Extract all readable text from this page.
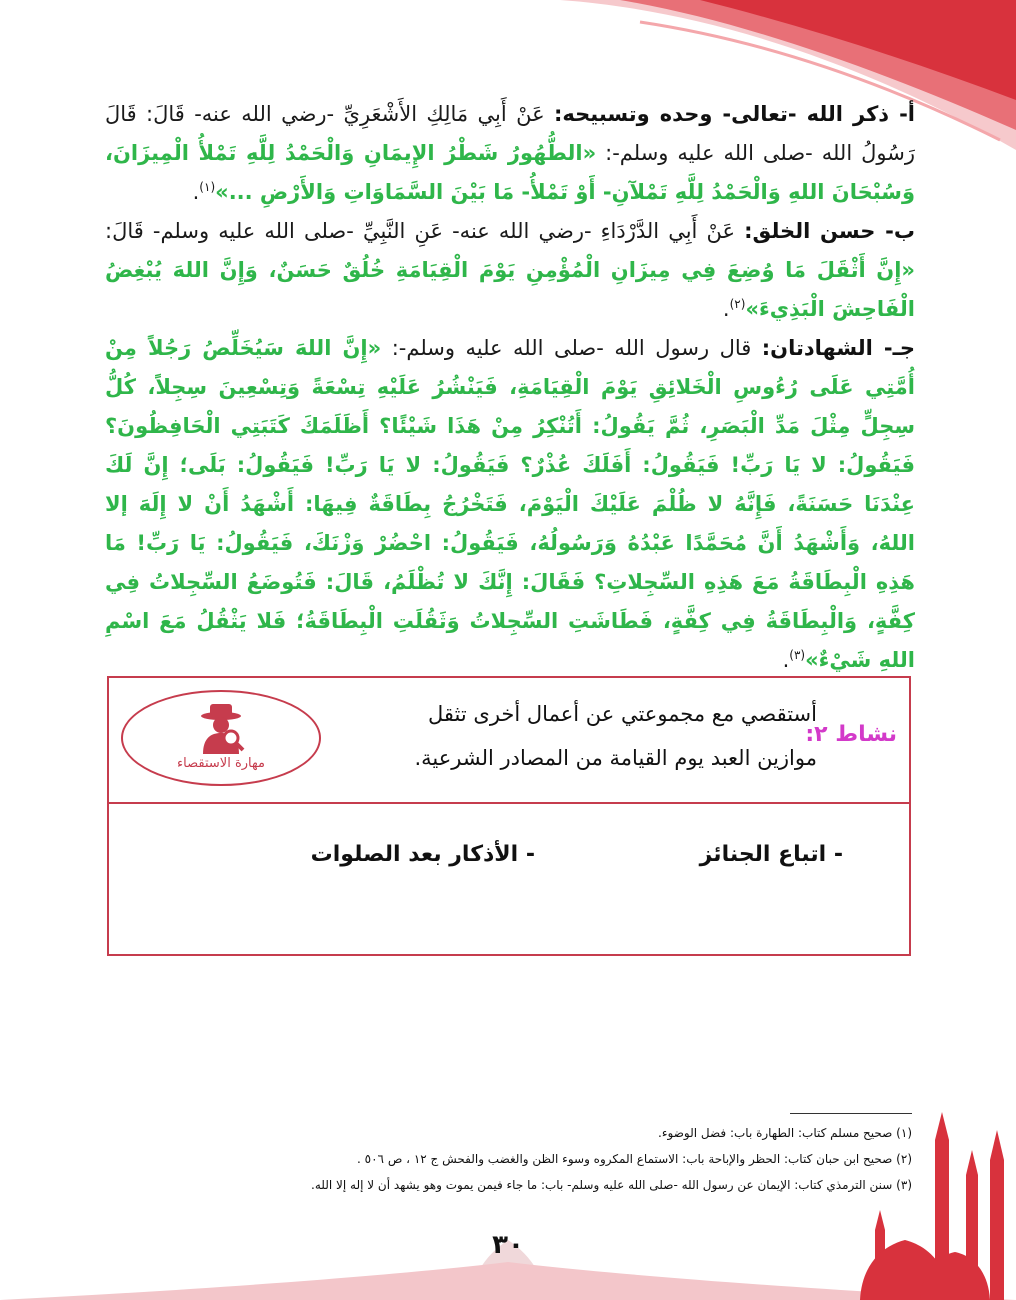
أ- ذكر الله -تعالى- وحده وتسبيحه: عَنْ أَبِي مَالِكِ الأَشْعَرِيِّ -رضي الله عنه- قَالَ: قَالَ رَسُولُ الله -صلى الله عليه وسلم-: «الطُّهُورُ شَطْرُ الإِيمَانِ وَالْحَمْدُ لِلَّهِ تَمْلأُ الْمِيزَانَ، وَسُبْحَانَ اللهِ وَالْحَمْدُ لِلَّهِ تَمْلآنِ- أَوْ تَمْلأُ- مَا بَيْنَ السَّمَاوَاتِ وَالأَرْضِ ...»$^{(١)}$.

ب- حسن الخلق: عَنْ أَبِي الدَّرْدَاءِ -رضي الله عنه- عَنِ النَّبِيِّ -صلى الله عليه وسلم- قَالَ: «إِنَّ أَثْقَلَ مَا وُضِعَ فِي مِيزَانِ الْمُؤْمِنِ يَوْمَ الْقِيَامَةِ خُلُقٌ حَسَنٌ، وَإِنَّ اللهَ يُبْغِضُ الْفَاحِشَ الْبَذِيءَ»$^{(٢)}$.

جـ- الشهادتان: قال رسول الله -صلى الله عليه وسلم-: «إِنَّ اللهَ سَيُخَلِّصُ رَجُلاً مِنْ أُمَّتِي عَلَى رُءُوسِ الْخَلائِقِ يَوْمَ الْقِيَامَةِ، فَيَنْشُرُ عَلَيْهِ تِسْعَةً وَتِسْعِينَ سِجِلاً، كُلُّ سِجِلٍّ مِثْلَ مَدِّ الْبَصَرِ، ثُمَّ يَقُولُ: أَتُنْكِرُ مِنْ هَذَا شَيْئًا؟ أَظَلَمَكَ كَتَبَتِي الْحَافِظُونَ؟ فَيَقُولُ: لا يَا رَبِّ! فَيَقُولُ: أَفَلَكَ عُذْرٌ؟ فَيَقُولُ: لا يَا رَبِّ! فَيَقُولُ: بَلَى؛ إِنَّ لَكَ عِنْدَنَا حَسَنَةً، فَإِنَّهُ لا ظُلْمَ عَلَيْكَ الْيَوْمَ، فَتَخْرُجُ بِطَاقَةٌ فِيهَا: أَشْهَدُ أَنْ لا إِلَهَ إلا اللهُ، وَأَشْهَدُ أَنَّ مُحَمَّدًا عَبْدُهُ وَرَسُولُهُ، فَيَقُولُ: احْضُرْ وَزْنَكَ، فَيَقُولُ: يَا رَبِّ! مَا هَذِهِ الْبِطَاقَةُ مَعَ هَذِهِ السِّجِلاتِ؟ فَقَالَ: إِنَّكَ لا تُظْلَمُ، قَالَ: فَتُوضَعُ السِّجِلاتُ فِي كِفَّةٍ، وَالْبِطَاقَةُ فِي كِفَّةٍ، فَطَاشَتِ السِّجِلاتُ وَثَقُلَتِ الْبِطَاقَةُ؛ فَلا يَثْقُلُ مَعَ اسْمِ اللهِ شَيْءٌ»$^{(٣)}$.

نشاط ٢:
أستقصي مع مجموعتي عن أعمال أخرى تثقل موازين العبد يوم القيامة من المصادر الشرعية.
مهارة الاستقصاء
- اتباع الجنائز
- الأذكار بعد الصلوات

(١) صحيح مسلم كتاب: الطهارة باب: فضل الوضوء.

(٢) صحيح ابن حبان كتاب: الحظر والإباحة باب: الاستماع المكروه وسوء الظن والغضب والفحش ج ١٢ ، ص ٥٠٦ .

(٣) سنن الترمذي كتاب: الإيمان عن رسول الله -صلى الله عليه وسلم- باب: ما جاء فيمن يموت وهو يشهد أن لا إله إلا الله.

٣٠
